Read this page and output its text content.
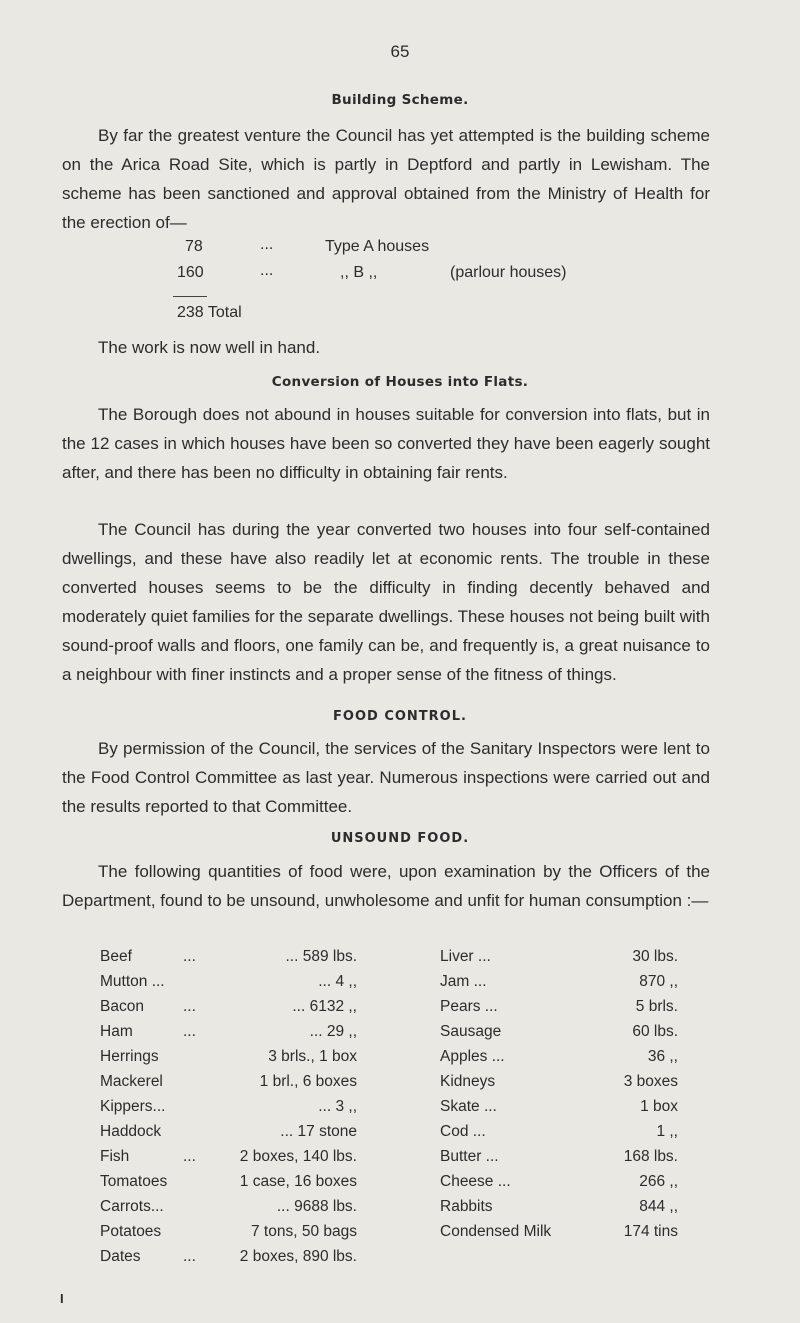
65
Building Scheme.

By far the greatest venture the Council has yet attempted is the building scheme on the Arica Road Site, which is partly in Deptford and partly in Lewisham. The scheme has been sanctioned and approval obtained from the Ministry of Health for the erection of—

78	...	Type A houses
160	...	,, B ,,	(parlour houses)
238 Total
The work is now well in hand.
Conversion of Houses into Flats.

The Borough does not abound in houses suitable for conversion into flats, but in the 12 cases in which houses have been so converted they have been eagerly sought after, and there has been no difficulty in obtaining fair rents.

The Council has during the year converted two houses into four self-contained dwellings, and these have also readily let at economic rents. The trouble in these converted houses seems to be the difficulty in finding decently behaved and moderately quiet families for the separate dwellings. These houses not being built with sound-proof walls and floors, one family can be, and frequently is, a great nuisance to a neighbour with finer instincts and a proper sense of the fitness of things.

FOOD CONTROL.

By permission of the Council, the services of the Sanitary Inspectors were lent to the Food Control Committee as last year. Numerous inspections were carried out and the results reported to that Committee.

UNSOUND FOOD.

The following quantities of food were, upon examination by the Officers of the Department, found to be unsound, unwholesome and unfit for human consumption :—

Beef	...	... 589 lbs.	Liver ...	30 lbs.
Mutton ...	... 4 ,,	Jam ...	870 ,,
Bacon	...	... 6132 ,,	Pears ...	5 brls.
Ham	...	... 29 ,,	Sausage	60 lbs.
Herrings	3 brls., 1 box	Apples ...	36 ,,
Mackerel	1 brl., 6 boxes	Kidneys	3 boxes
Kippers...	... 3 ,,	Skate ...	1 box
Haddock	... 17 stone	Cod ...	1 ,,
Fish	...	2 boxes, 140 lbs.	Butter ...	168 lbs.
Tomatoes	1 case, 16 boxes	Cheese ...	266 ,,
Carrots...	... 9688 lbs.	Rabbits	844 ,,
Potatoes	7 tons, 50 bags	Condensed Milk	174 tins
Dates	...	2 boxes, 890 lbs.
I
